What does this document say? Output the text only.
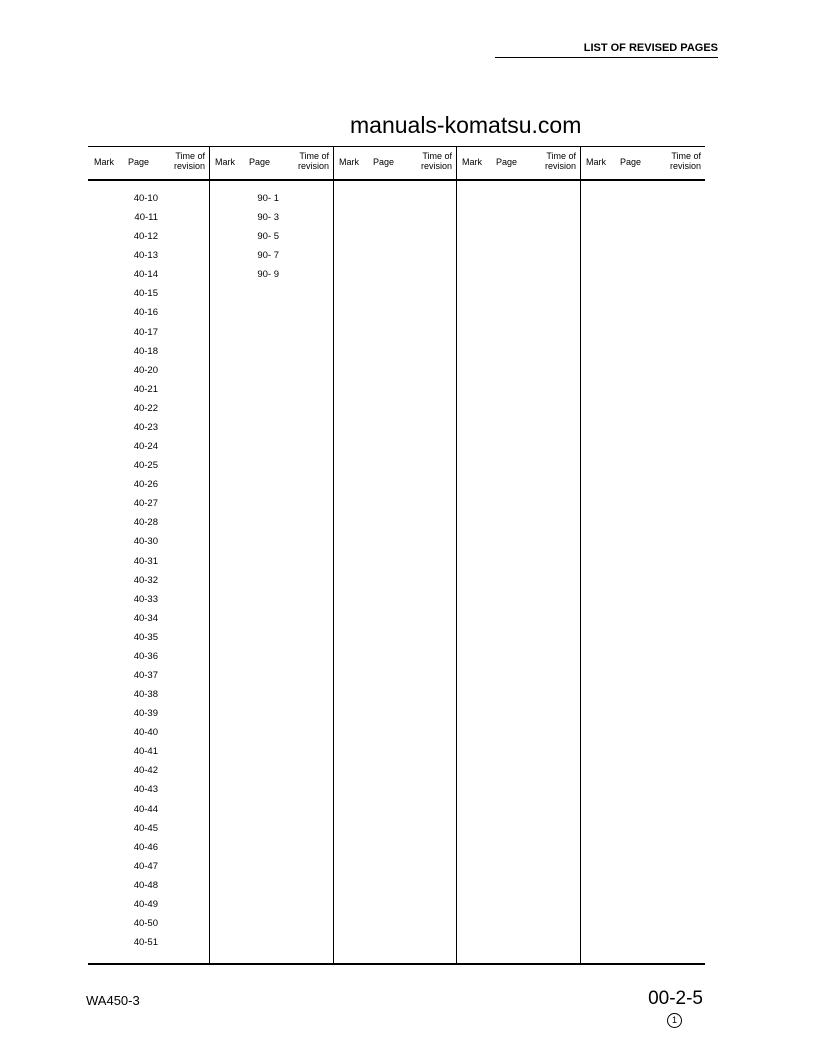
LIST OF REVISED PAGES
manuals-komatsu.com
Mark Page
Time of
revision
40-10
40-11
40-12
40-13
40-14
40-15
40-16
40-17
40-18
40-20
40-21
40-22
40-23
40-24
40-25
40-26
40-27
40-28
40-30
40-31
40-32
40-33
40-34
40-35
40-36
40-37
40-38
40-39
40-40
40-41
40-42
40-43
40-44
40-45
40-46
40-47
40-48
40-49
40-50
40-51
Mark Page
Time of
revision
90- 1
90- 3
90- 5
90- 7
90- 9
Mark Page
Time of
revision Mark Page
Time of
revision Mark Page
Time of
revision
WA450-3	00-2-5
1
